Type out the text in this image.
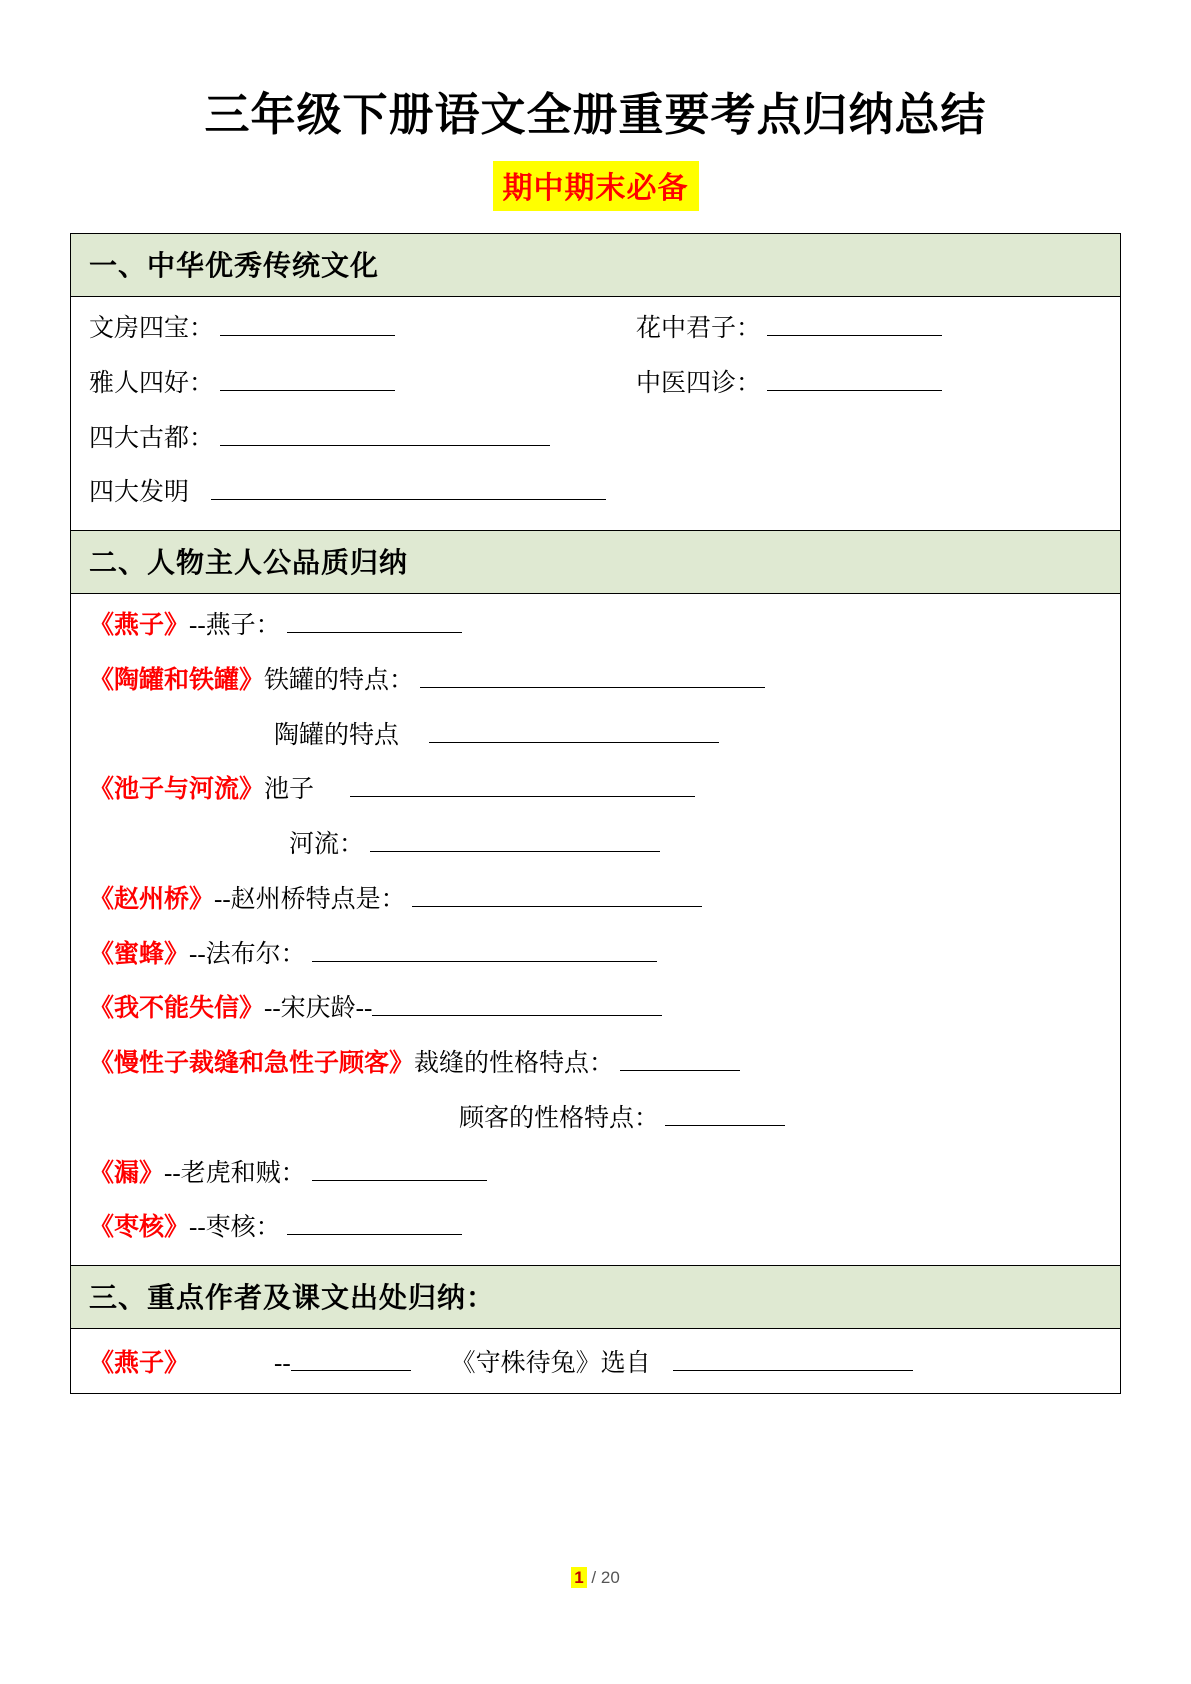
三年级下册语文全册重要考点归纳总结
期中期末必备
一、中华优秀传统文化

文房四宝：	花中君子：
雅人四好：	中医四诊：
四大古都：
四大发明

二、人物主人公品质归纳

《燕子》 --燕子：
《陶罐和铁罐》 铁罐的特点：
陶罐的特点
《池子与河流》 池子
河流：
《赵州桥》 --赵州桥特点是：
《蜜蜂》 --法布尔：
《我不能失信》 --宋庆龄--
《慢性子裁缝和急性子顾客》 裁缝的性格特点：
顾客的性格特点：
《漏》 --老虎和贼：
《枣核》 --枣核：

三、重点作者及课文出处归纳：

《燕子》	--	《守株待兔》选自
1 / 20
